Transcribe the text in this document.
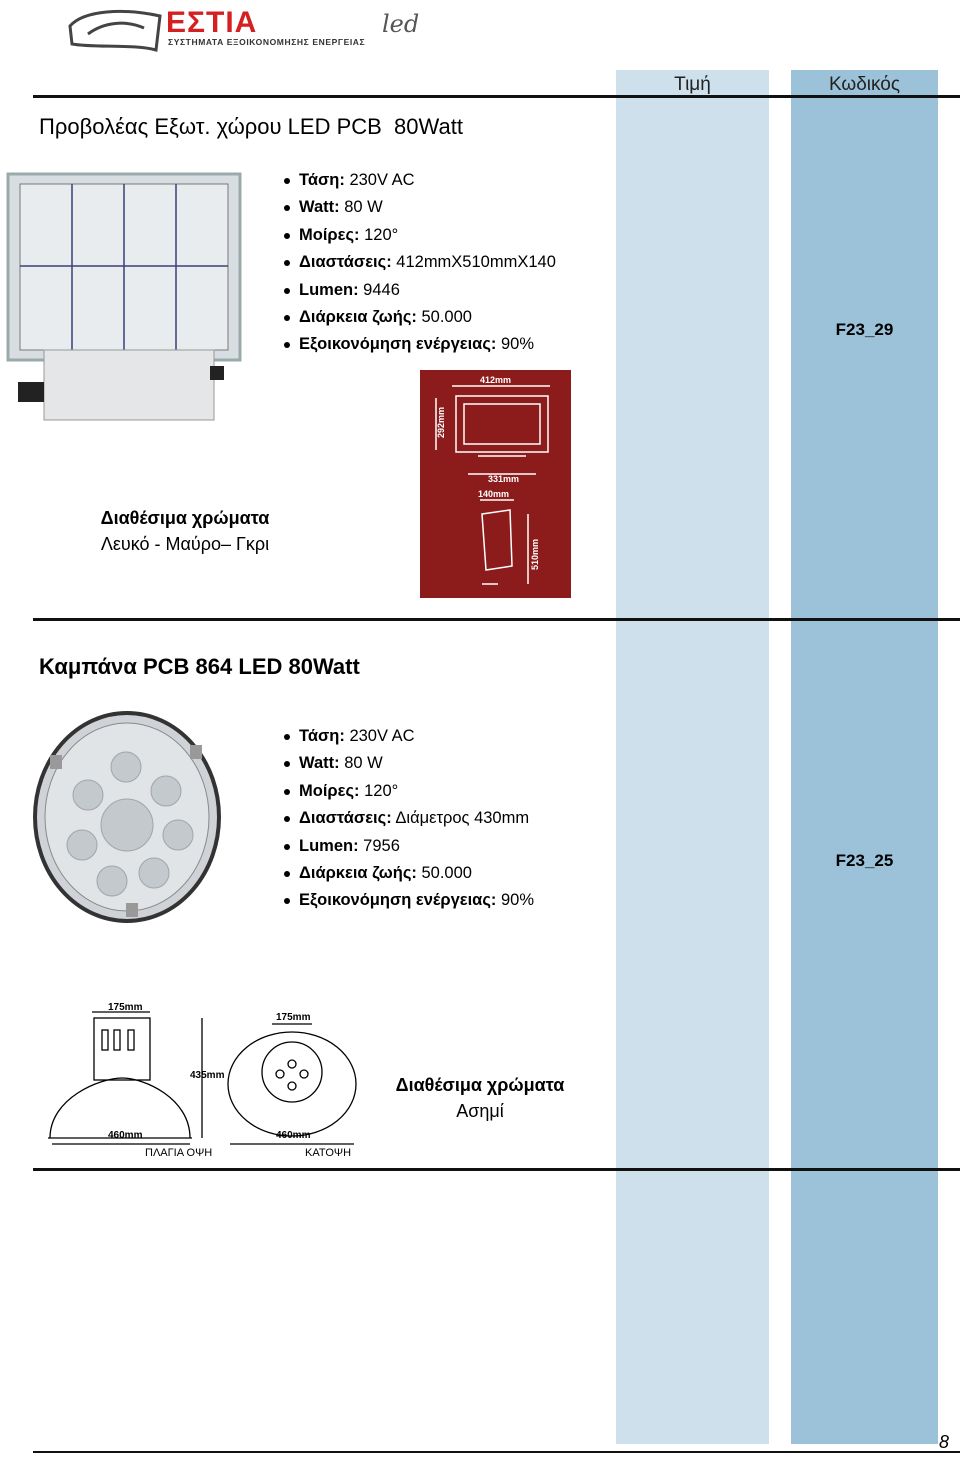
ΕΣΤΙΑ	led
ΣΥΣΤΗΜΑΤΑ ΕΞΟΙΚΟΝΟΜΗΣΗΣ ΕΝΕΡΓΕΙΑΣ
Τιμή	Κωδικός
Προβολέας Εξωτ. χώρου LED PCB  80Watt
Τάση: 230V AC
Watt: 80 W
Μοίρες: 120°
Διαστάσεις: 412mmX510mmX140
Lumen: 9446
Διάρκεια ζωής: 50.000
Εξοικονόμηση ενέργειας: 90%
F23_29
412mm
292mm
331mm
140mm
510mm
Διαθέσιμα χρώματα
Λευκό - Μαύρο– Γκρι
Καμπάνα PCB 864 LED 80Watt
Τάση: 230V AC
Watt: 80 W
Μοίρες: 120°
Διαστάσεις: Διάμετρος 430mm
Lumen: 7956
Διάρκεια ζωής: 50.000
Εξοικονόμηση ενέργειας: 90%
F23_25
175mm
435mm
460mm
ΠΛΑΓΙΑ ΟΨΗ
175mm
460mm
ΚΑΤΟΨΗ
Διαθέσιμα χρώματα
Ασημί
8
